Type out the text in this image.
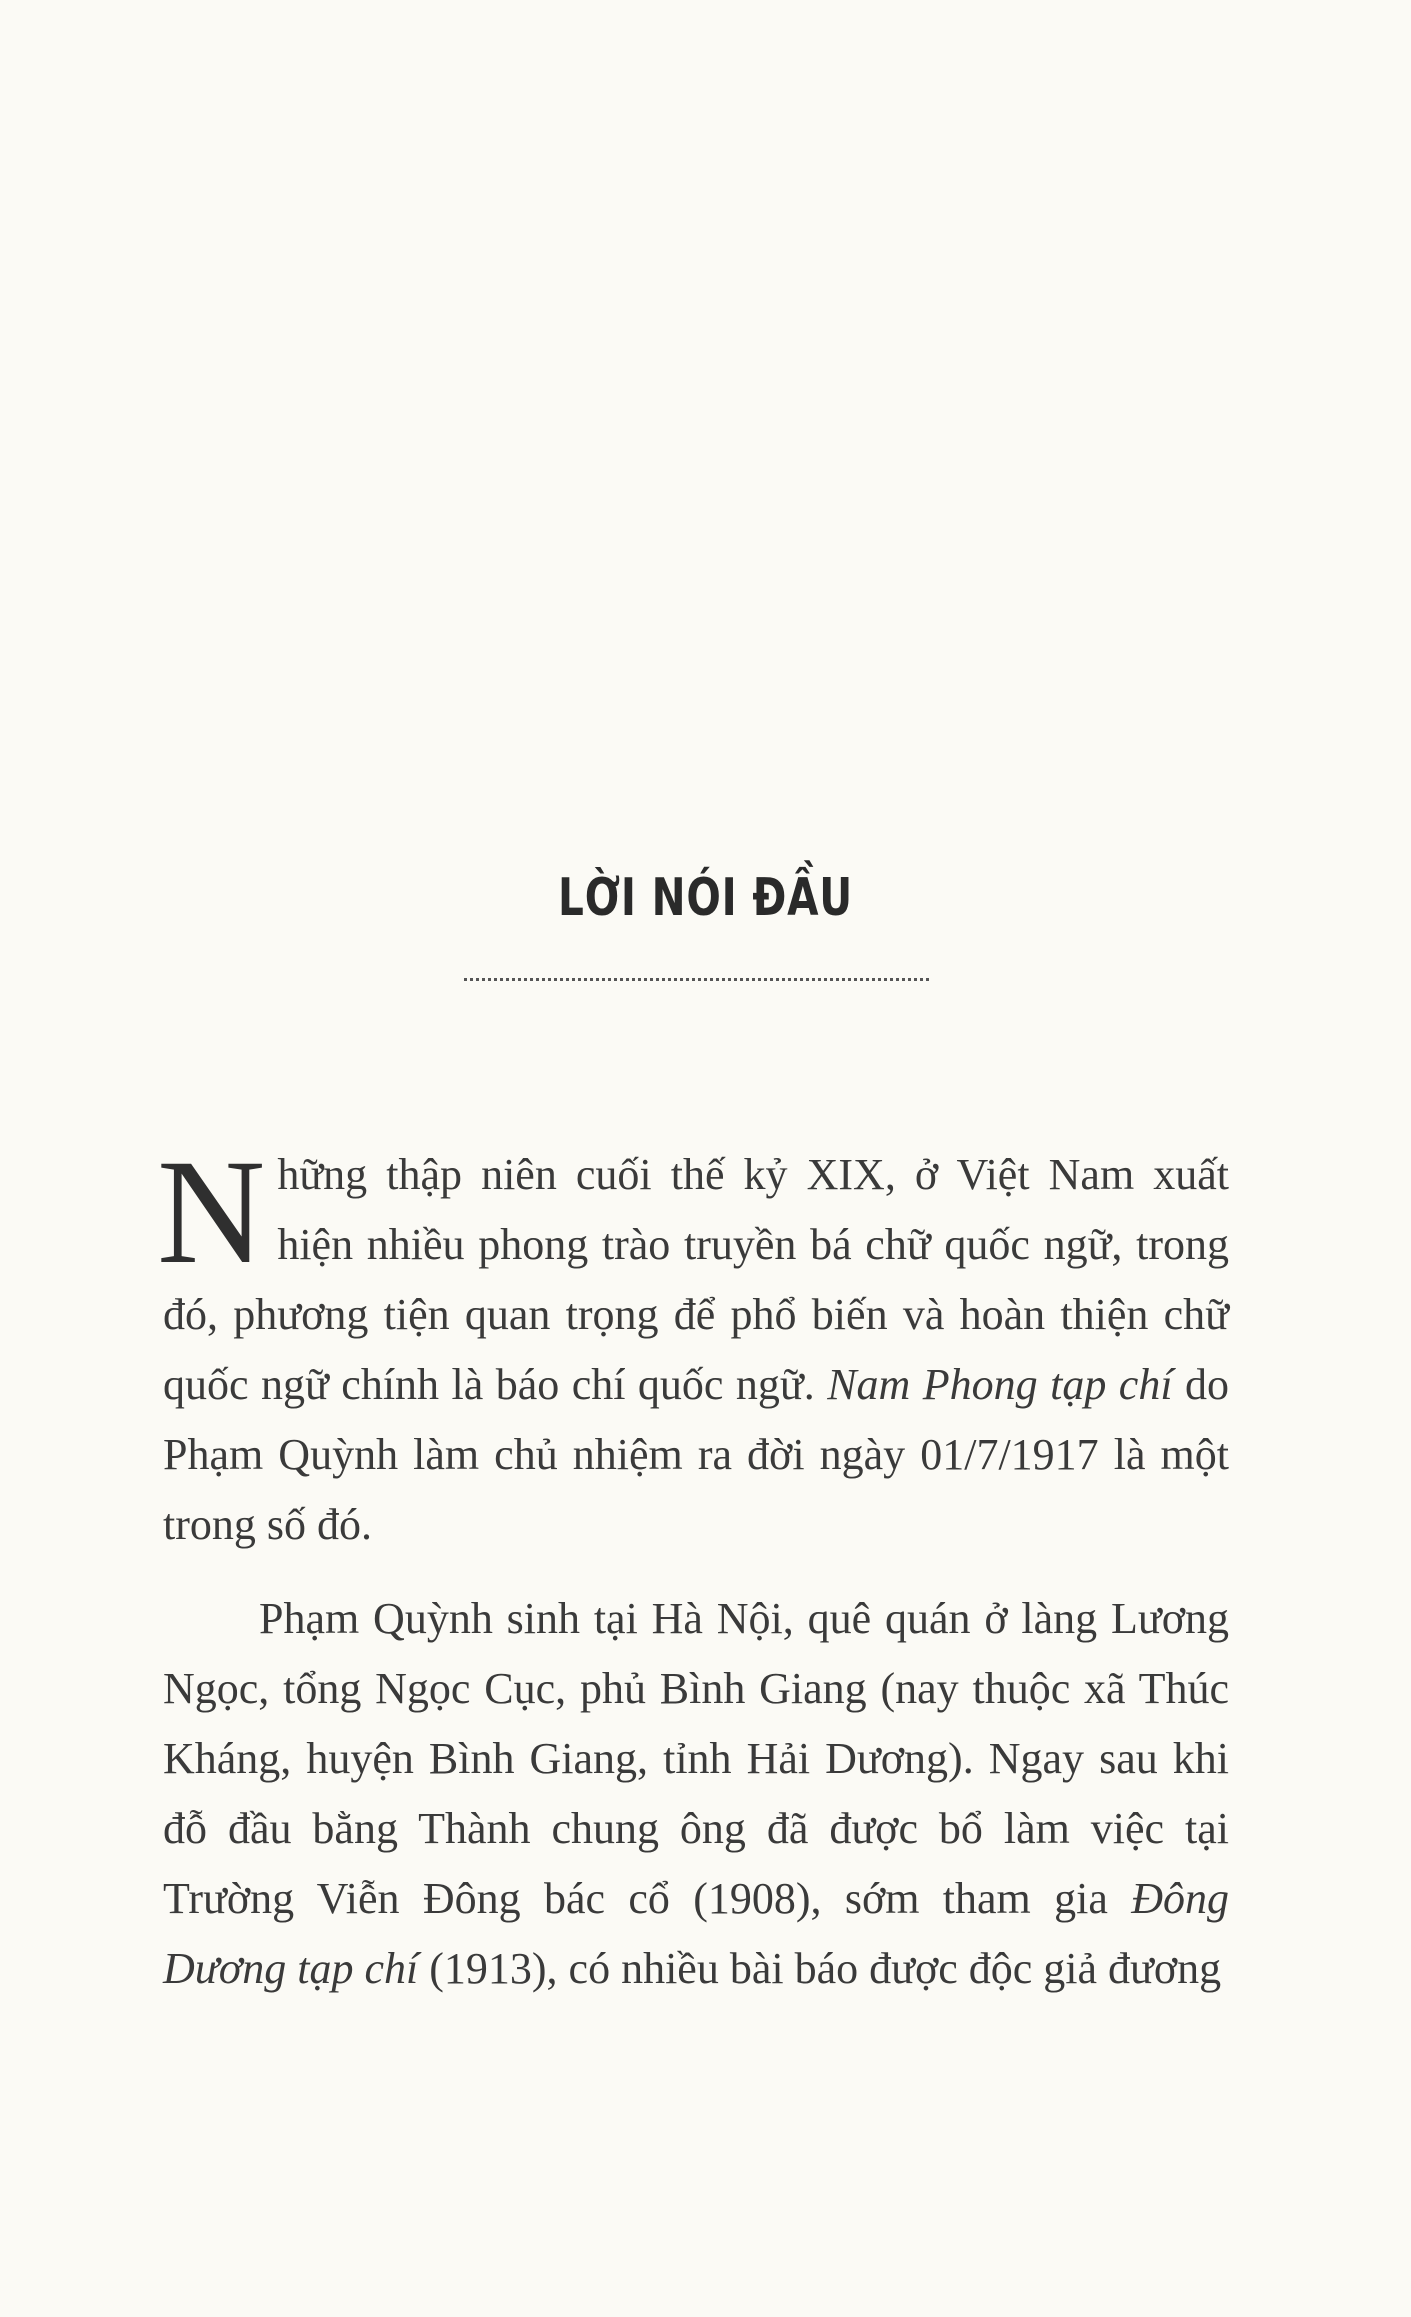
LỜI NÓI ĐẦU

Những thập niên cuối thế kỷ XIX, ở Việt Nam xuất hiện nhiều phong trào truyền bá chữ quốc ngữ, trong đó, phương tiện quan trọng để phổ biến và hoàn thiện chữ quốc ngữ chính là báo chí quốc ngữ. Nam Phong tạp chí do Phạm Quỳnh làm chủ nhiệm ra đời ngày 01/7/1917 là một trong số đó.

Phạm Quỳnh sinh tại Hà Nội, quê quán ở làng Lương Ngọc, tổng Ngọc Cục, phủ Bình Giang (nay thuộc xã Thúc Kháng, huyện Bình Giang, tỉnh Hải Dương). Ngay sau khi đỗ đầu bằng Thành chung ông đã được bổ làm việc tại Trường Viễn Đông bác cổ (1908), sớm tham gia Đông Dương tạp chí (1913), có nhiều bài báo được độc giả đương
